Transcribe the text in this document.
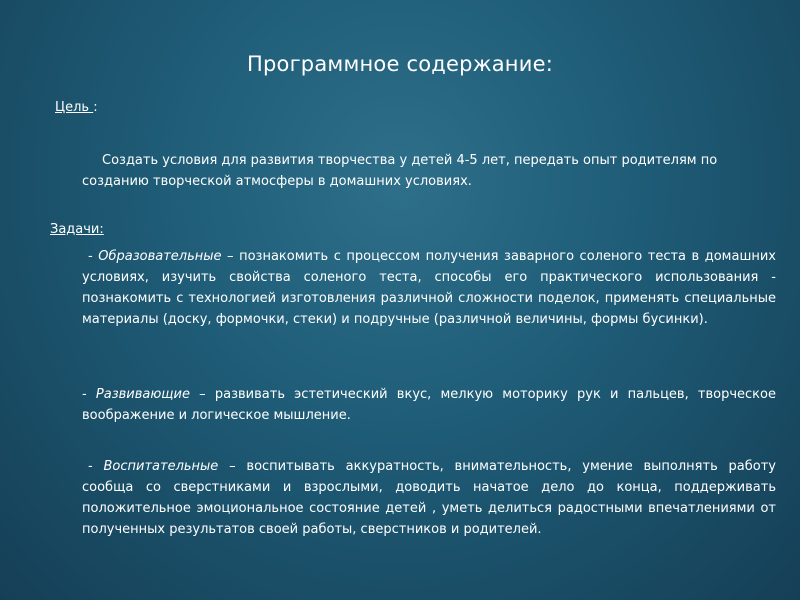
Программное содержание:
Цель :
Создать условия для развития творчества у детей 4-5 лет, передать опыт родителям по созданию творческой атмосферы в домашних условиях.
Задачи:
- Образовательные – познакомить с процессом получения заварного соленого теста в домашних условиях, изучить свойства соленого теста, способы его практического использования - познакомить с технологией изготовления различной сложности поделок, применять специальные материалы (доску, формочки, стеки) и подручные (различной величины, формы бусинки).
- Развивающие – развивать эстетический вкус, мелкую моторику рук и пальцев, творческое воображение и логическое мышление.
- Воспитательные – воспитывать аккуратность, внимательность, умение выполнять работу сообща со сверстниками и взрослыми, доводить начатое дело до конца, поддерживать положительное эмоциональное состояние детей , уметь делиться радостными впечатлениями от полученных результатов своей работы, сверстников и родителей.
